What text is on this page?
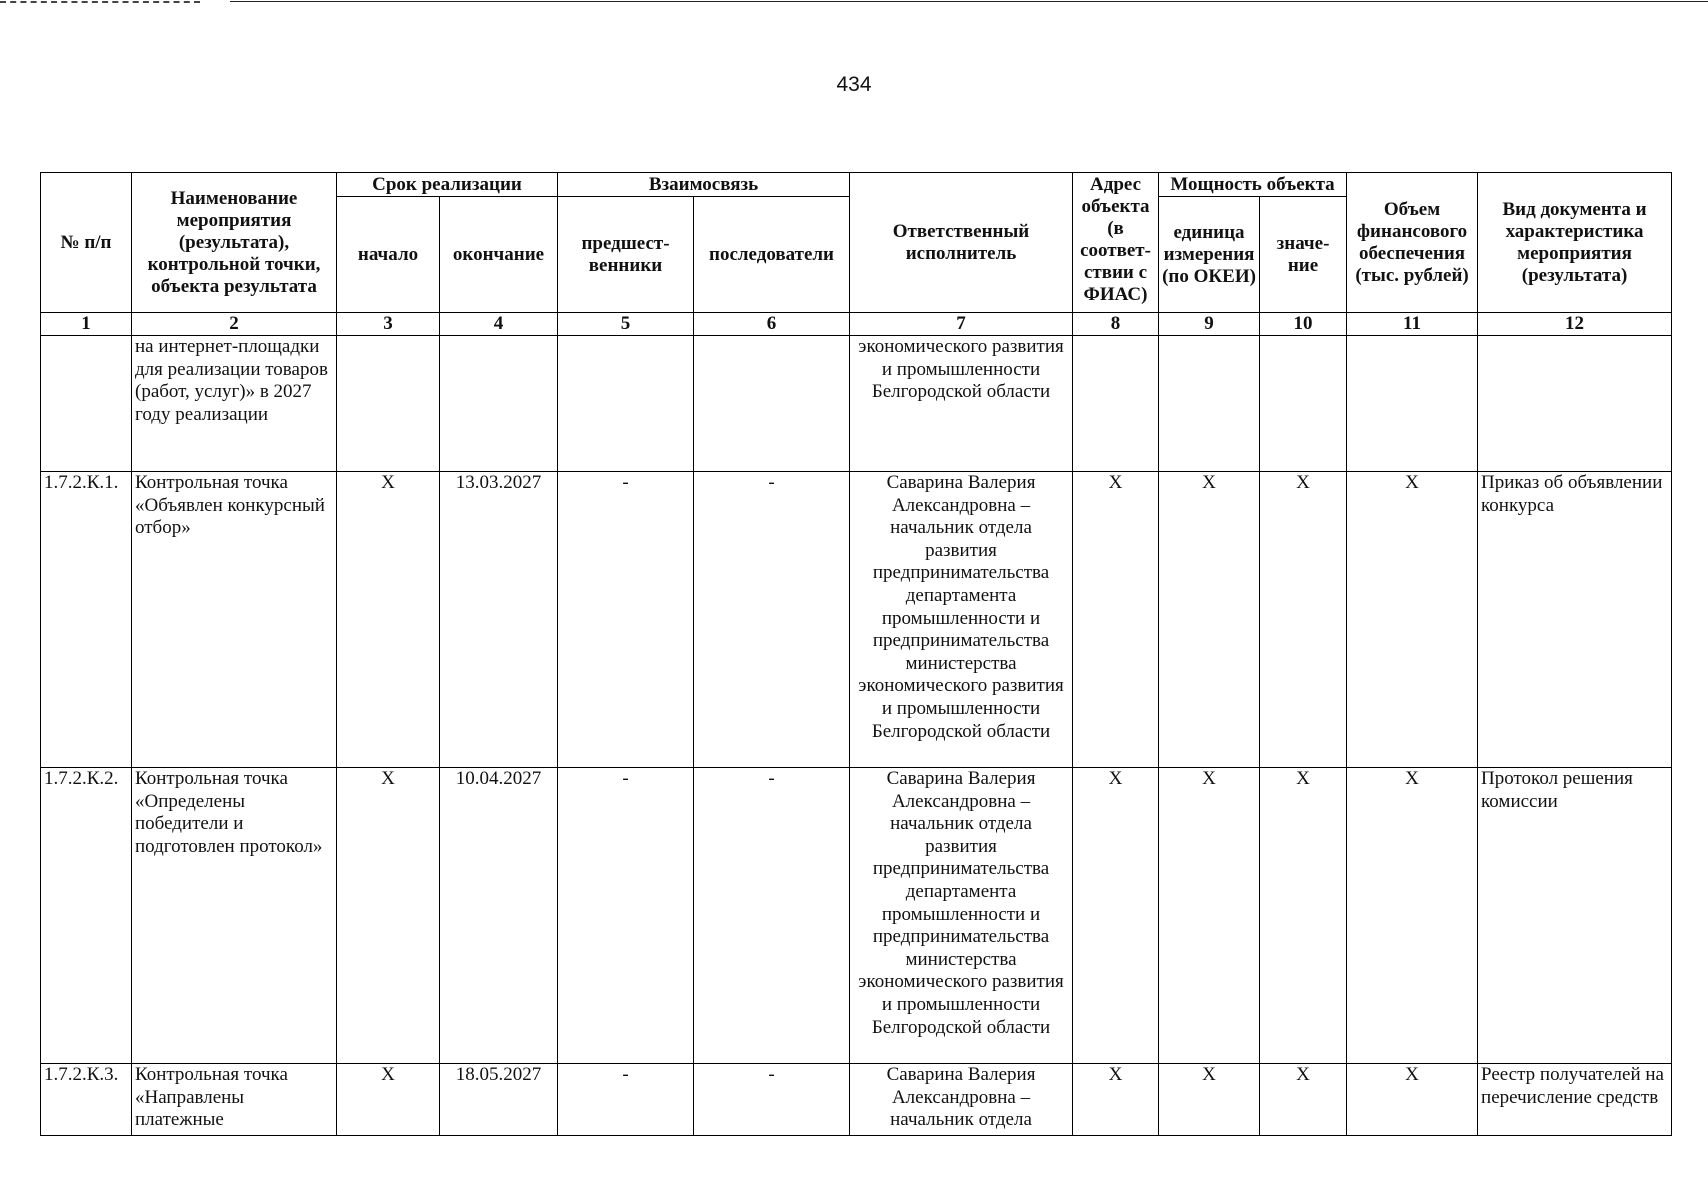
434
№ п/п	Наименование мероприятия (результата), контрольной точки, объекта результата	Срок реализации		Взаимосвязь		Ответственный исполнитель	Адрес объекта (в соответ-ствии с ФИАС)	Мощность объекта		Объем финансового обеспечения (тыс. рублей)	Вид документа и характеристика мероприятия (результата)
		начало	окончание	предшест-венники	последователи			единица измерения (по ОКЕИ)	значе-ние		
1	2	3	4	5	6	7	8	9	10	11	12
	на интернет-площадки для реализации товаров (работ, услуг)» в 2027 году реализации					экономического развития и промышленности Белгородской области					
1.7.2.К.1.	Контрольная точка «Объявлен конкурсный отбор»	Х	13.03.2027	-	-	Саварина Валерия Александровна – начальник отдела развития предпринимательства департамента промышленности и предпринимательства министерства экономического развития и промышленности Белгородской области	Х	Х	Х	Х	Приказ об объявлении конкурса
1.7.2.К.2.	Контрольная точка «Определены победители и подготовлен протокол»	Х	10.04.2027	-	-	Саварина Валерия Александровна – начальник отдела развития предпринимательства департамента промышленности и предпринимательства министерства экономического развития и промышленности Белгородской области	Х	Х	Х	Х	Протокол решения комиссии
1.7.2.К.3.	Контрольная точка «Направлены платежные	Х	18.05.2027	-	-	Саварина Валерия Александровна – начальник отдела	Х	Х	Х	Х	Реестр получателей на перечисление средств
